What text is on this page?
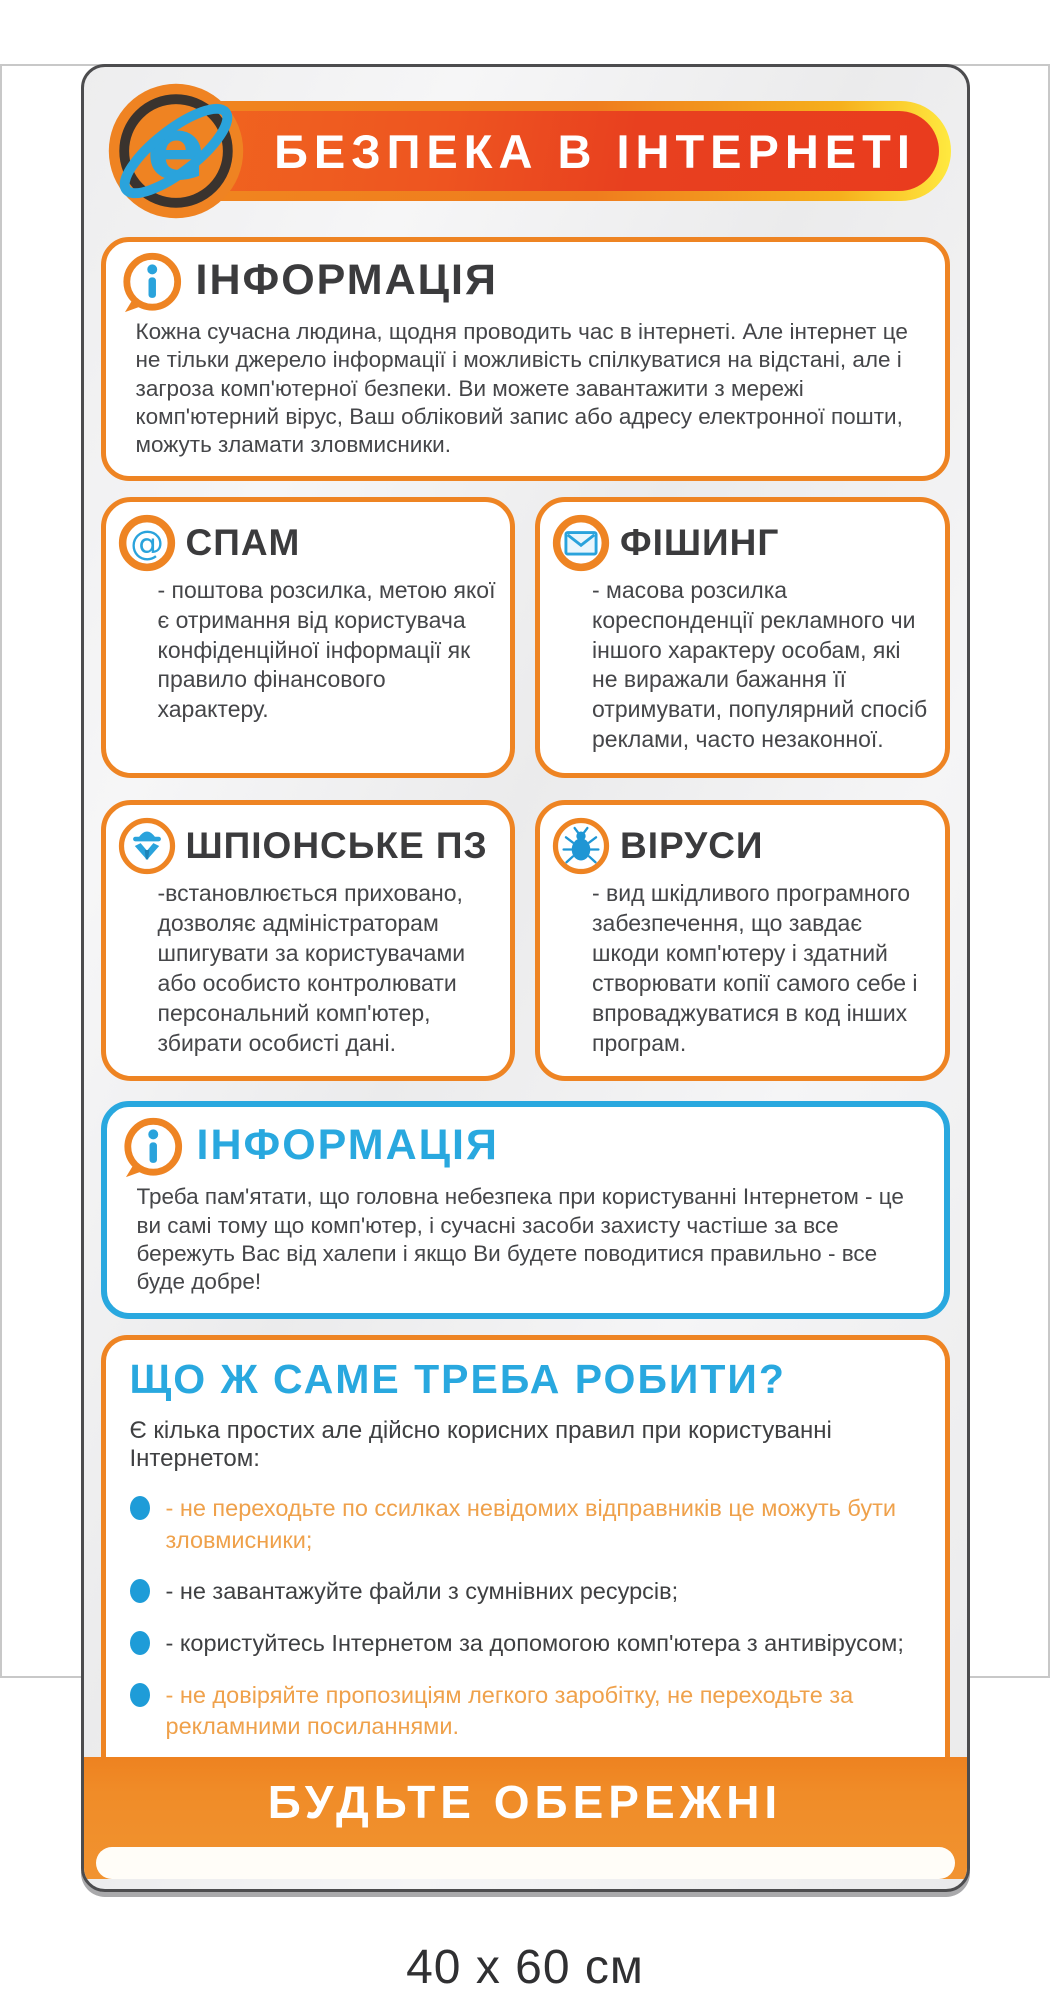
БЕЗПЕКА В ІНТЕРНЕТІ
e
ІНФОРМАЦІЯ
Кожна сучасна людина, щодня проводить час в інтернеті. Але інтернет це не тільки джерело інформації і можливість спілкуватися на відстані, але і загроза комп'ютерної безпеки. Ви можете завантажити з мережі комп'ютерний вірус, Ваш обліковий запис або адресу електронної пошти, можуть зламати зловмисники.
@ СПАМ
- поштова розсилка, метою якої є отримання від користувача конфіденційної інформації як правило фінансового характеру.
ФІШИНГ
- масова розсилка кореспонденції рекламного чи іншого характеру особам, які не виражали бажання її отримувати, популярний спосіб реклами, часто незаконної.
ШПІОНСЬКЕ ПЗ
-встановлюється приховано, дозволяє адміністраторам шпигувати за користувачами або особисто контролювати персональний комп'ютер, збирати особисті дані.
ВІРУСИ
- вид шкідливого програмного забезпечення, що завдає шкоди комп'ютеру і здатний створювати копії самого себе і впроваджуватися в код інших програм.
ІНФОРМАЦІЯ
Треба пам'ятати, що головна небезпека при користуванні Інтернетом - це ви самі тому що комп'ютер, і сучасні засоби захисту частіше за все бережуть Вас від халепи і якщо Ви будете поводитися правильно - все буде добре!
ЩО Ж САМЕ ТРЕБА РОБИТИ?
Є кілька простих але дійсно корисних правил при користуванні Інтернетом:
- не переходьте по ссилках невідомих відправників це можуть бути зловмисники;
- не завантажуйте файли з сумнівних ресурсів;
- користуйтесь Інтернетом за допомогою комп'ютера з антивірусом;
- не довіряйте пропозиціям легкого заробітку, не переходьте за рекламними посиланнями.
БУДЬТЕ ОБЕРЕЖНІ
40 x 60 см
